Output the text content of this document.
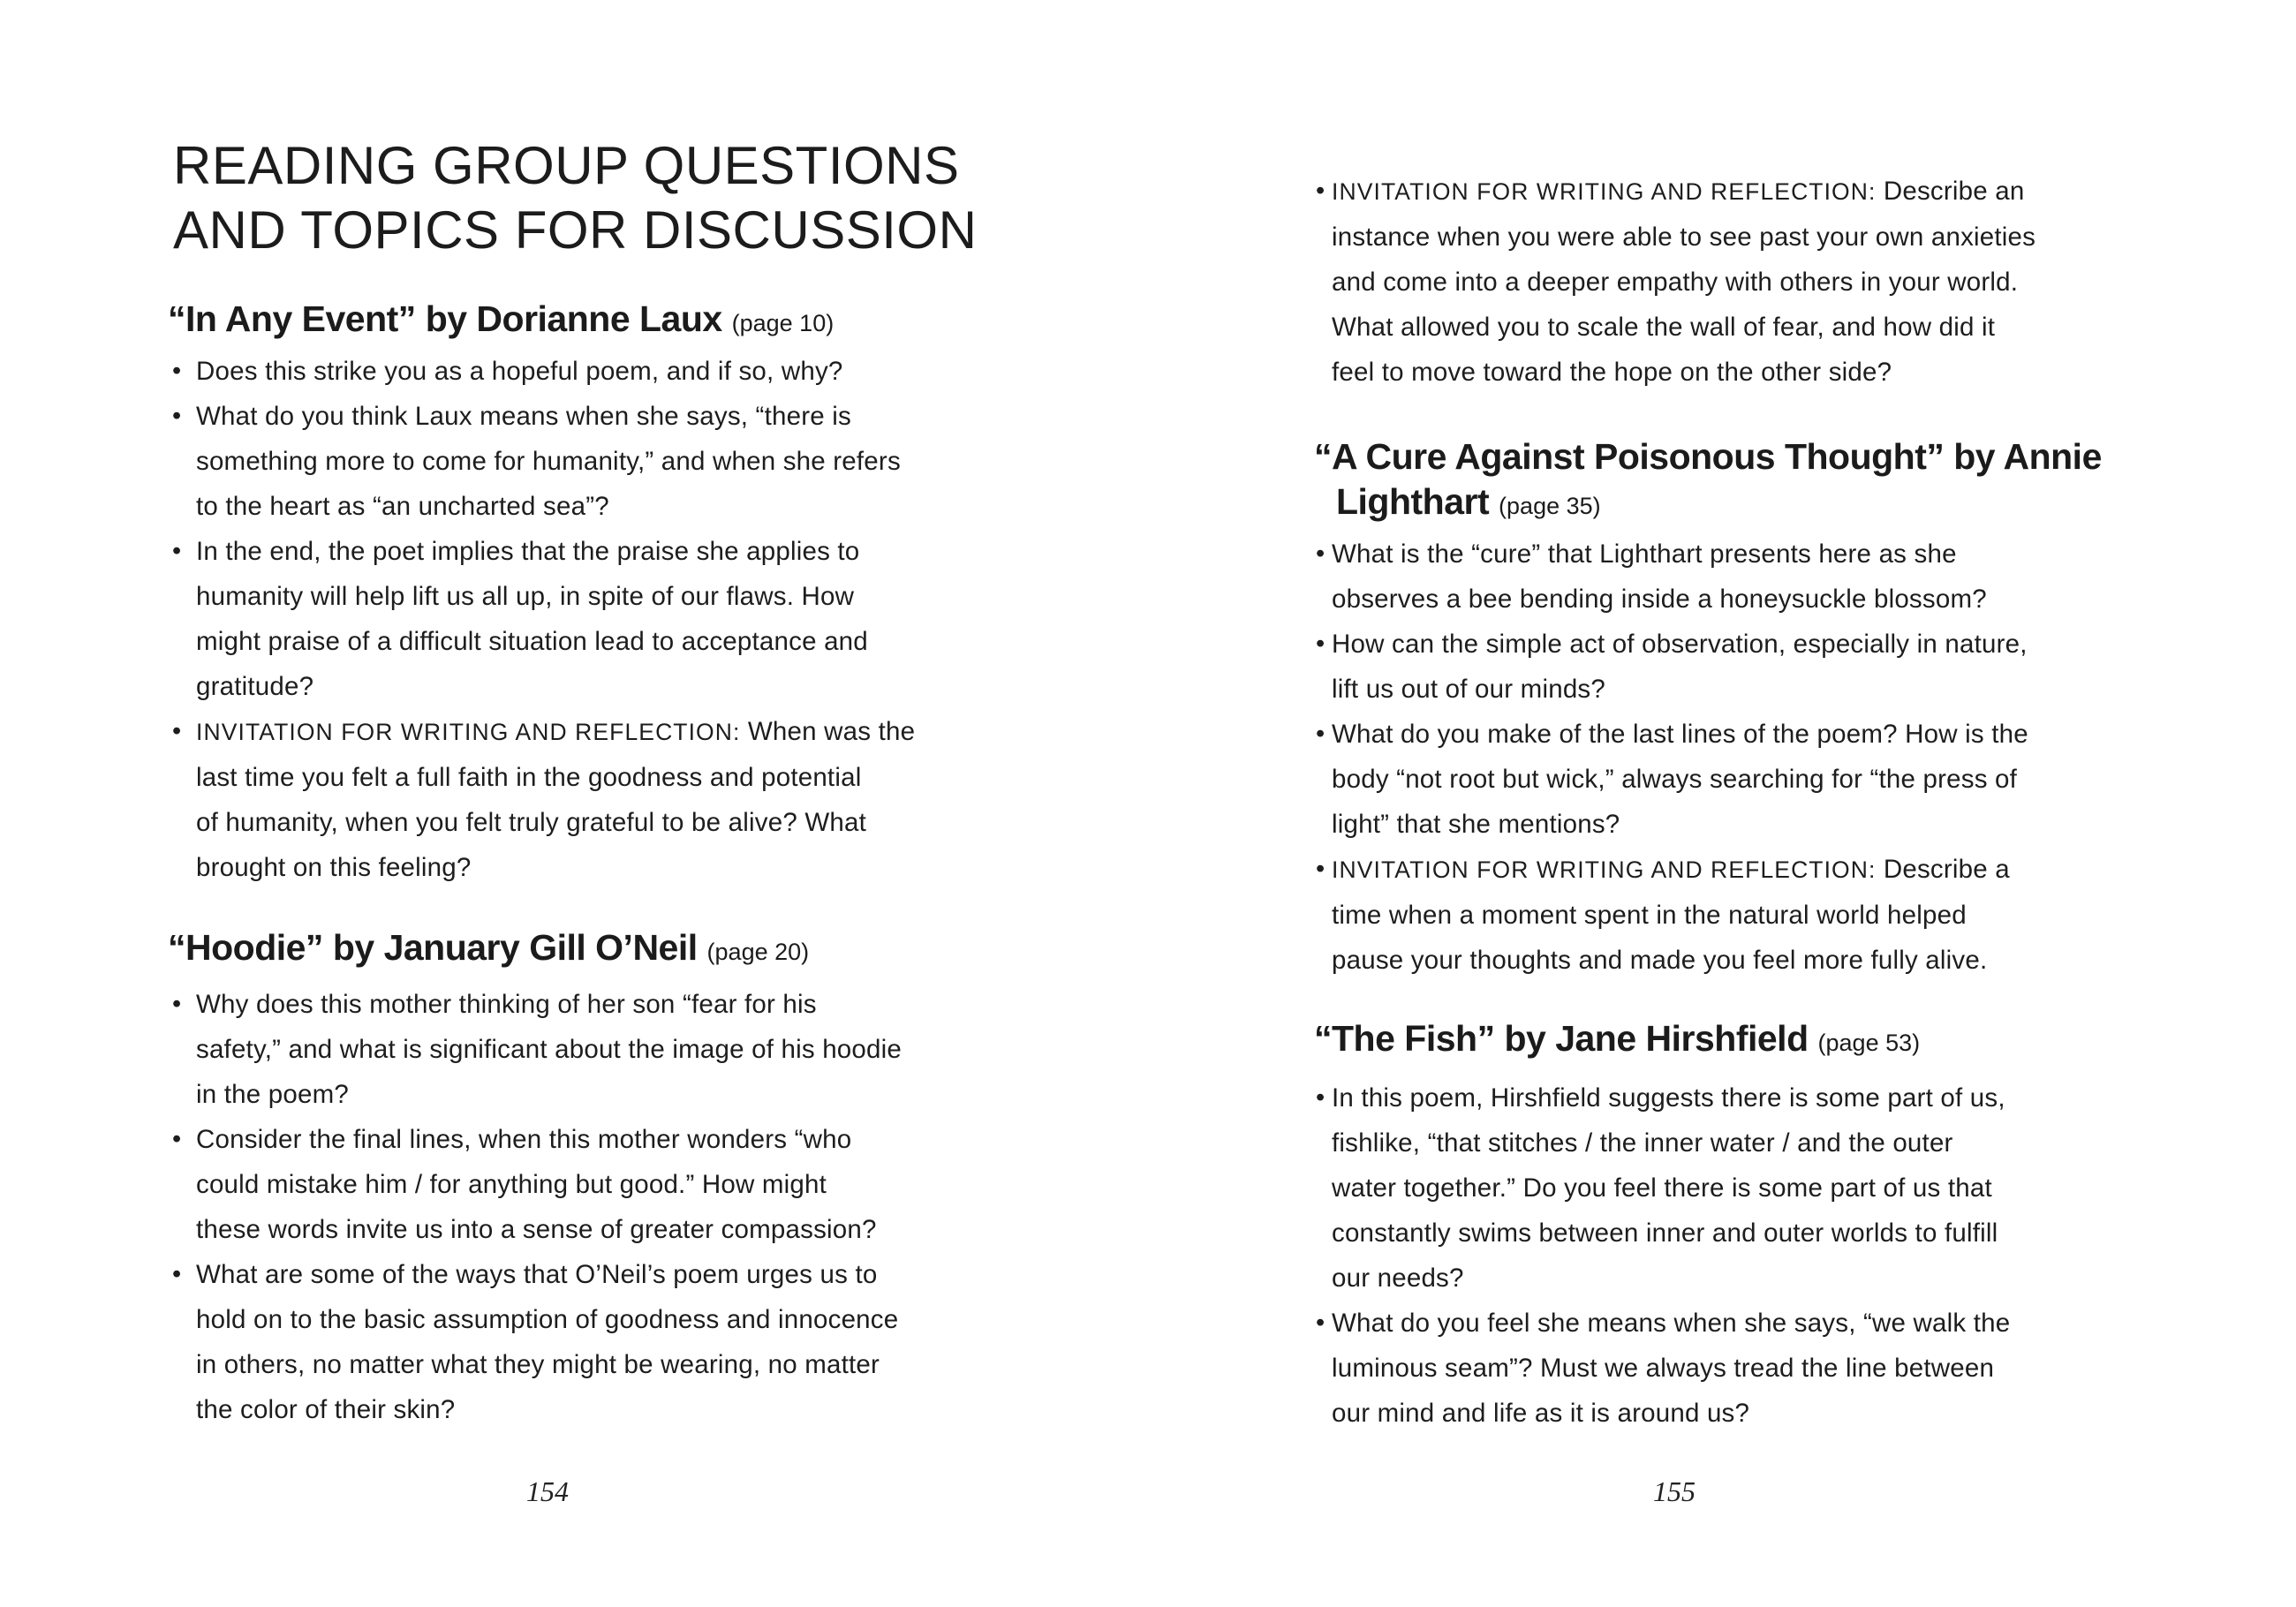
READING GROUP QUESTIONS
AND TOPICS FOR DISCUSSION
“In Any Event” by Dorianne Laux (page 10)
• Does this strike you as a hopeful poem, and if so, why?
• What do you think Laux means when she says, “there is
something more to come for humanity,” and when she refers
to the heart as “an uncharted sea”?
• In the end, the poet implies that the praise she applies to
humanity will help lift us all up, in spite of our flaws. How
might praise of a difficult situation lead to acceptance and
gratitude?
• INVITATION FOR WRITING AND REFLECTION: When was the
last time you felt a full faith in the goodness and potential
of humanity, when you felt truly grateful to be alive? What
brought on this feeling?
“Hoodie” by January Gill O’Neil (page 20)
• Why does this mother thinking of her son “fear for his
safety,” and what is significant about the image of his hoodie
in the poem?
• Consider the final lines, when this mother wonders “who
could mistake him / for anything but good.” How might
these words invite us into a sense of greater compassion?
• What are some of the ways that O’Neil’s poem urges us to
hold on to the basic assumption of goodness and innocence
in others, no matter what they might be wearing, no matter
the color of their skin?
154
• INVITATION FOR WRITING AND REFLECTION: Describe an
instance when you were able to see past your own anxieties
and come into a deeper empathy with others in your world.
What allowed you to scale the wall of fear, and how did it
feel to move toward the hope on the other side?
“A Cure Against Poisonous Thought” by Annie
Lighthart (page 35)
• What is the “cure” that Lighthart presents here as she
observes a bee bending inside a honeysuckle blossom?
• How can the simple act of observation, especially in nature,
lift us out of our minds?
• What do you make of the last lines of the poem? How is the
body “not root but wick,” always searching for “the press of
light” that she mentions?
• INVITATION FOR WRITING AND REFLECTION: Describe a
time when a moment spent in the natural world helped
pause your thoughts and made you feel more fully alive.
“The Fish” by Jane Hirshfield (page 53)
• In this poem, Hirshfield suggests there is some part of us,
fishlike, “that stitches / the inner water / and the outer
water together.” Do you feel there is some part of us that
constantly swims between inner and outer worlds to fulfill
our needs?
• What do you feel she means when she says, “we walk the
luminous seam”? Must we always tread the line between
our mind and life as it is around us?
155
